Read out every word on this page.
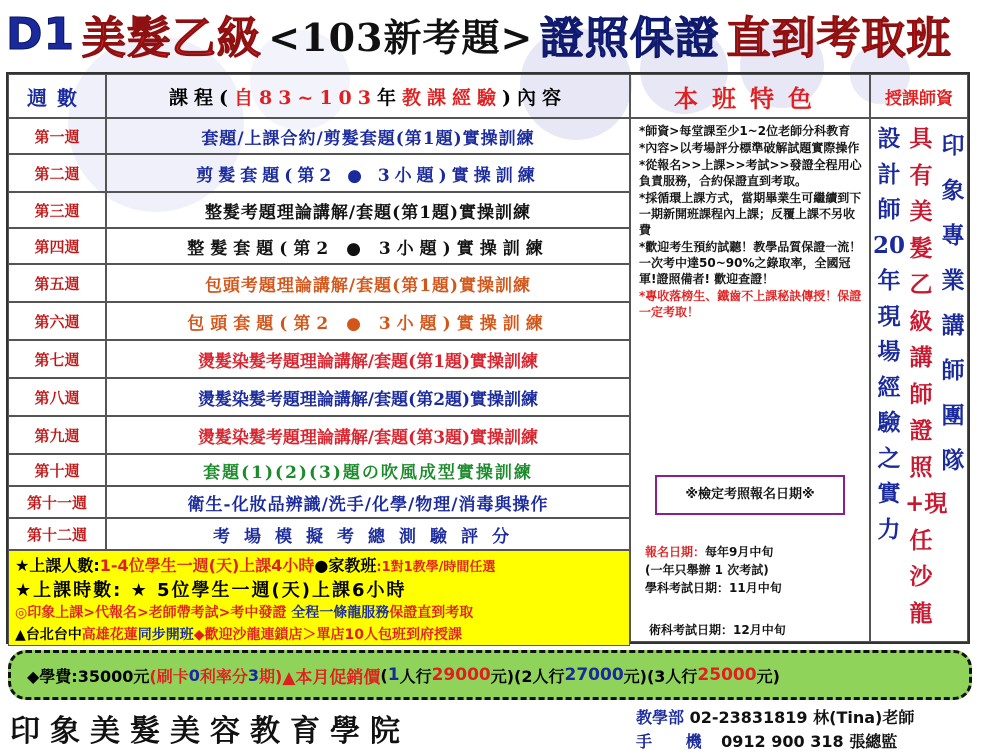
D1 美髮乙級 <103新考題> 證照保證 直到考取班
週數	課程( 自83~103 年 教課經驗 )內容	本班特色	授課師資
第一週	套題/上課合約/剪髮套題(第1題)實操訓練
第二週	剪髮套題(第2 ● 3小題)實操訓練
第三週	整髮考題理論講解/套題(第1題)實操訓練
第四週	整髮套題(第2 ● 3小題)實操訓練
第五週	包頭考題理論講解/套題(第1題)實操訓練
第六週	包頭套題(第2 ● 3小題)實操訓練
第七週	燙髮染髮考題理論講解/套題(第1題)實操訓練
第八週	燙髮染髮考題理論講解/套題(第2題)實操訓練
第九週	燙髮染髮考題理論講解/套題(第3題)實操訓練
第十週	套題(1)(2)(3)題の吹風成型實操訓練
第十一週	衛生-化妝品辨識/洗手/化學/物理/消毒與操作
第十二週	考場模擬考總測驗評分
*師資>每堂課至少1~2位老師分科教育
*內容>以考場評分標準破解試題實際操作
*從報名>>上課>>考試>>發證全程用心負責服務，合約保證直到考取。
*採循環上課方式，當期畢業生可繼續到下一期新開班課程內上課；反覆上課不另收費
*歡迎考生預約試聽！教學品質保證一流！一次考中達50~90%之錄取率，全國冠軍!證照備者! 歡迎查證！
*專收落榜生、鐵齒不上課秘訣傳授！保證一定考取！
※檢定考照報名日期※
報名日期：每年9月中旬
(一年只舉辦 1 次考試)
學科考試日期：11月中旬
術科考試日期：12月中旬
設計師20年現場經驗之實力
具有美髮乙級講師證照+現任沙龍
印象專業講師團隊
★上課人數:1-4位學生一週(天)上課4小時●家教班:1對1教學/時間任選
★上課時數: ★ 5位學生一週(天)上課6小時
◎印象上課>代報名>老師帶考試>考中發證 全程一條龍服務保證直到考取
▲台北台中高雄花蓮同步開班◆歡迎沙龍連鎖店＞單店10人包班到府授課
◆學費:35000元 (刷卡 0 利率分 3 期) ▲本月促銷價 ( 1 人行 29000 元)(2人行 27000 元)(3人行 25000 元)
印象美髮美容教育學院	教學部 02-23831819 林(Tina)老師
手 機 0912 900 318 張總監
